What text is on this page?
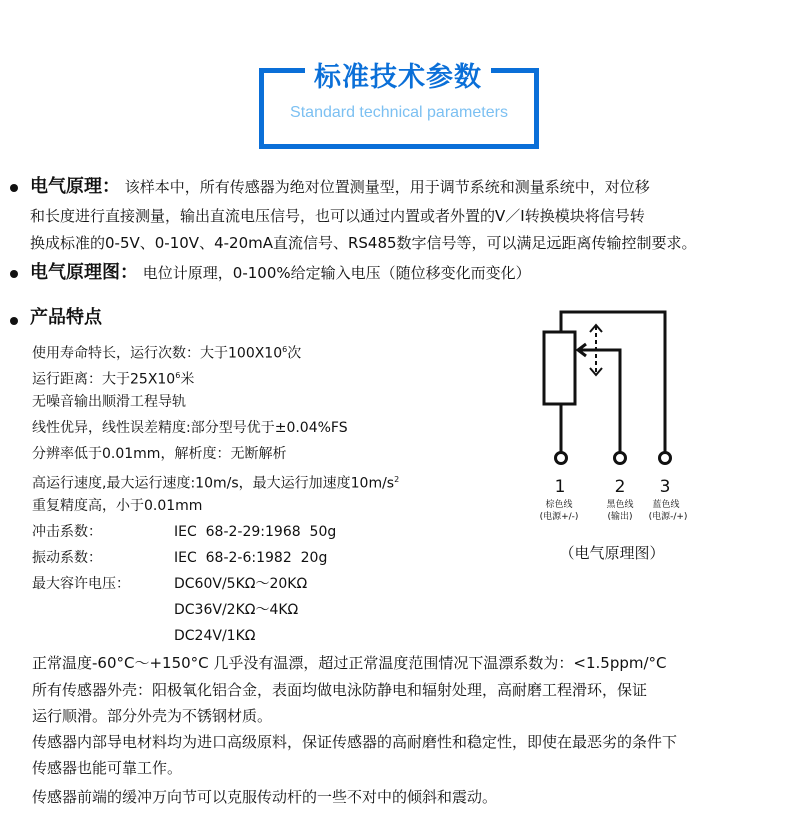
标准技术参数
Standard technical parameters
电气原理： 该样本中，所有传感器为绝对位置测量型，用于调节系统和测量系统中，对位移
和长度进行直接测量，输出直流电压信号，也可以通过内置或者外置的V／I转换模块将信号转
换成标准的0-5V、0-10V、4-20mA直流信号、RS485数字信号等，可以满足远距离传输控制要求。
电气原理图： 电位计原理，0-100%给定输入电压（随位移变化而变化）
产品特点
使用寿命特长，运行次数：大于$100X10^6$次
运行距离：大于$25X10^6$米
无噪音输出顺滑工程导轨
线性优异，线性误差精度:部分型号优于±0.04%FS
分辨率低于0.01mm，解析度：无断解析
高运行速度,最大运行速度:10m/s，最大运行加速度$10m/s^2$
重复精度高，小于0.01mm
冲击系数：	IEC  68-2-29:1968  50g
振动系数：	IEC  68-2-6:1982  20g
最大容许电压：	DC60V/5KΩ～20KΩ
DC36V/2KΩ～4KΩ
DC24V/1KΩ
正常温度-60°C～+150°C 几乎没有温漂，超过正常温度范围情况下温漂系数为：<1.5ppm/°C
所有传感器外壳：阳极氧化铝合金，表面均做电泳防静电和辐射处理，高耐磨工程滑环，保证
运行顺滑。部分外壳为不锈钢材质。
传感器内部导电材料均为进口高级原料，保证传感器的高耐磨性和稳定性，即使在最恶劣的条件下
传感器也能可靠工作。
传感器前端的缓冲万向节可以克服传动杆的一些不对中的倾斜和震动。
1	2 3
棕色线	黑色线 蓝色线
(电源+/-)	(输出) (电源-/+)
（电气原理图）
